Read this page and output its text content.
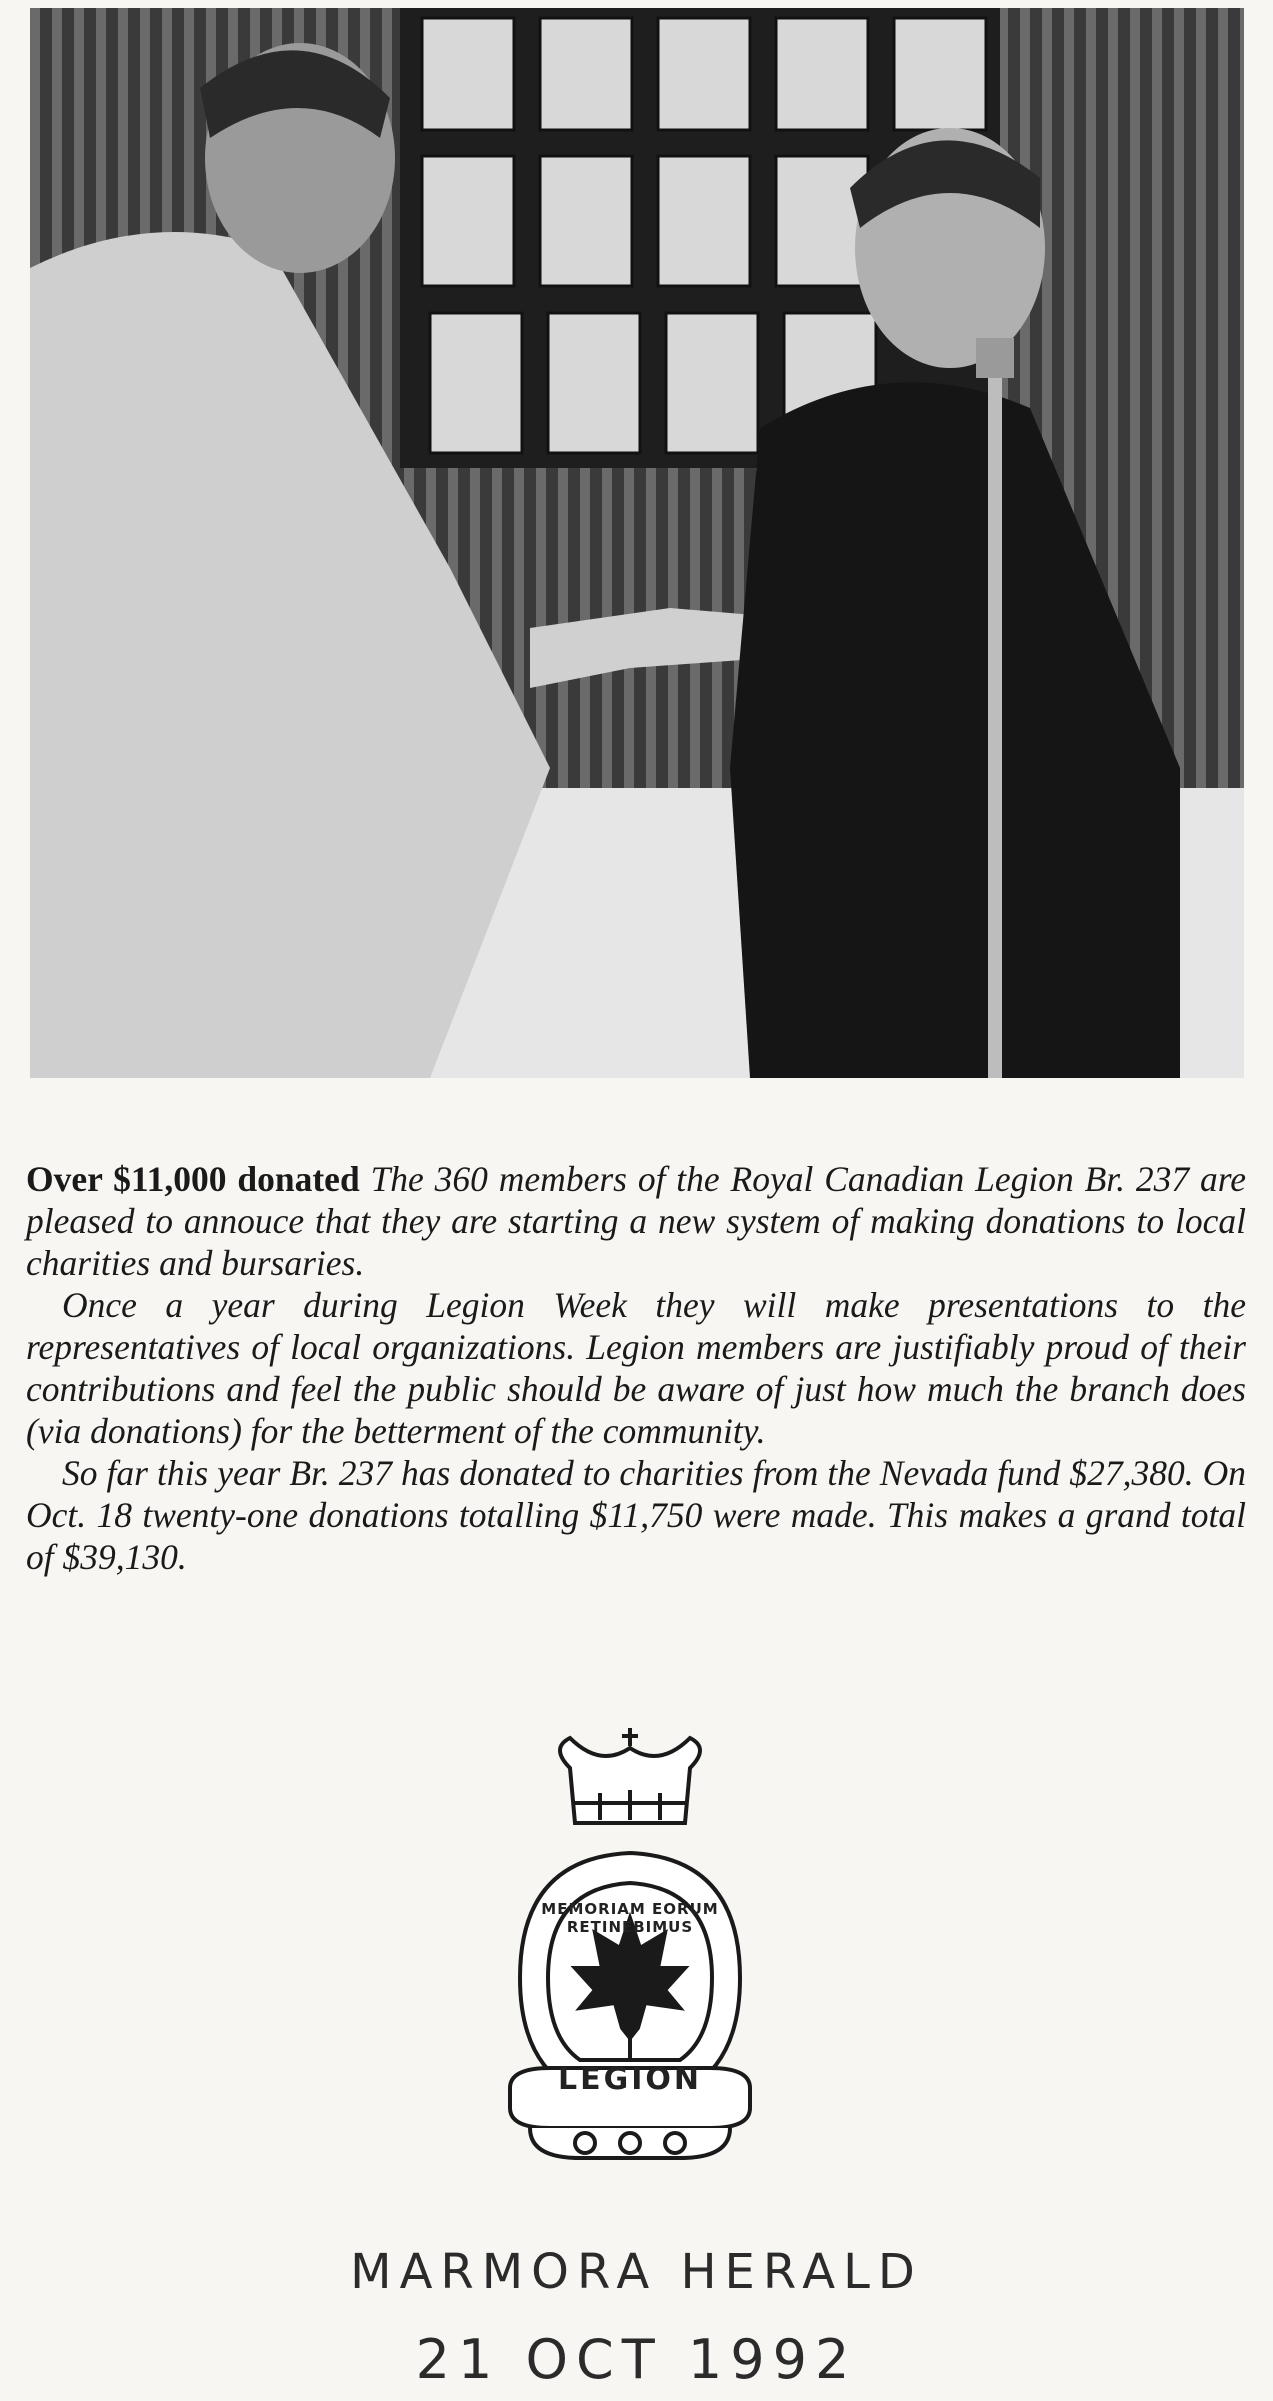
Over $11,000 donated The 360 members of the Royal Canadian Legion Br. 237 are pleased to annouce that they are starting a new system of making donations to local charities and bursaries.

Once a year during Legion Week they will make presentations to the representatives of local organizations. Legion members are justifiably proud of their contributions and feel the public should be aware of just how much the branch does (via donations) for the betterment of the community.

So far this year Br. 237 has donated to charities from the Nevada fund $27,380. On Oct. 18 twenty-one donations totalling $11,750 were made. This makes a grand total of $39,130.

MEMORIAM EORUM RETINEBIMUS
LEGION
MARMORA HERALD
21 OCT 1992
